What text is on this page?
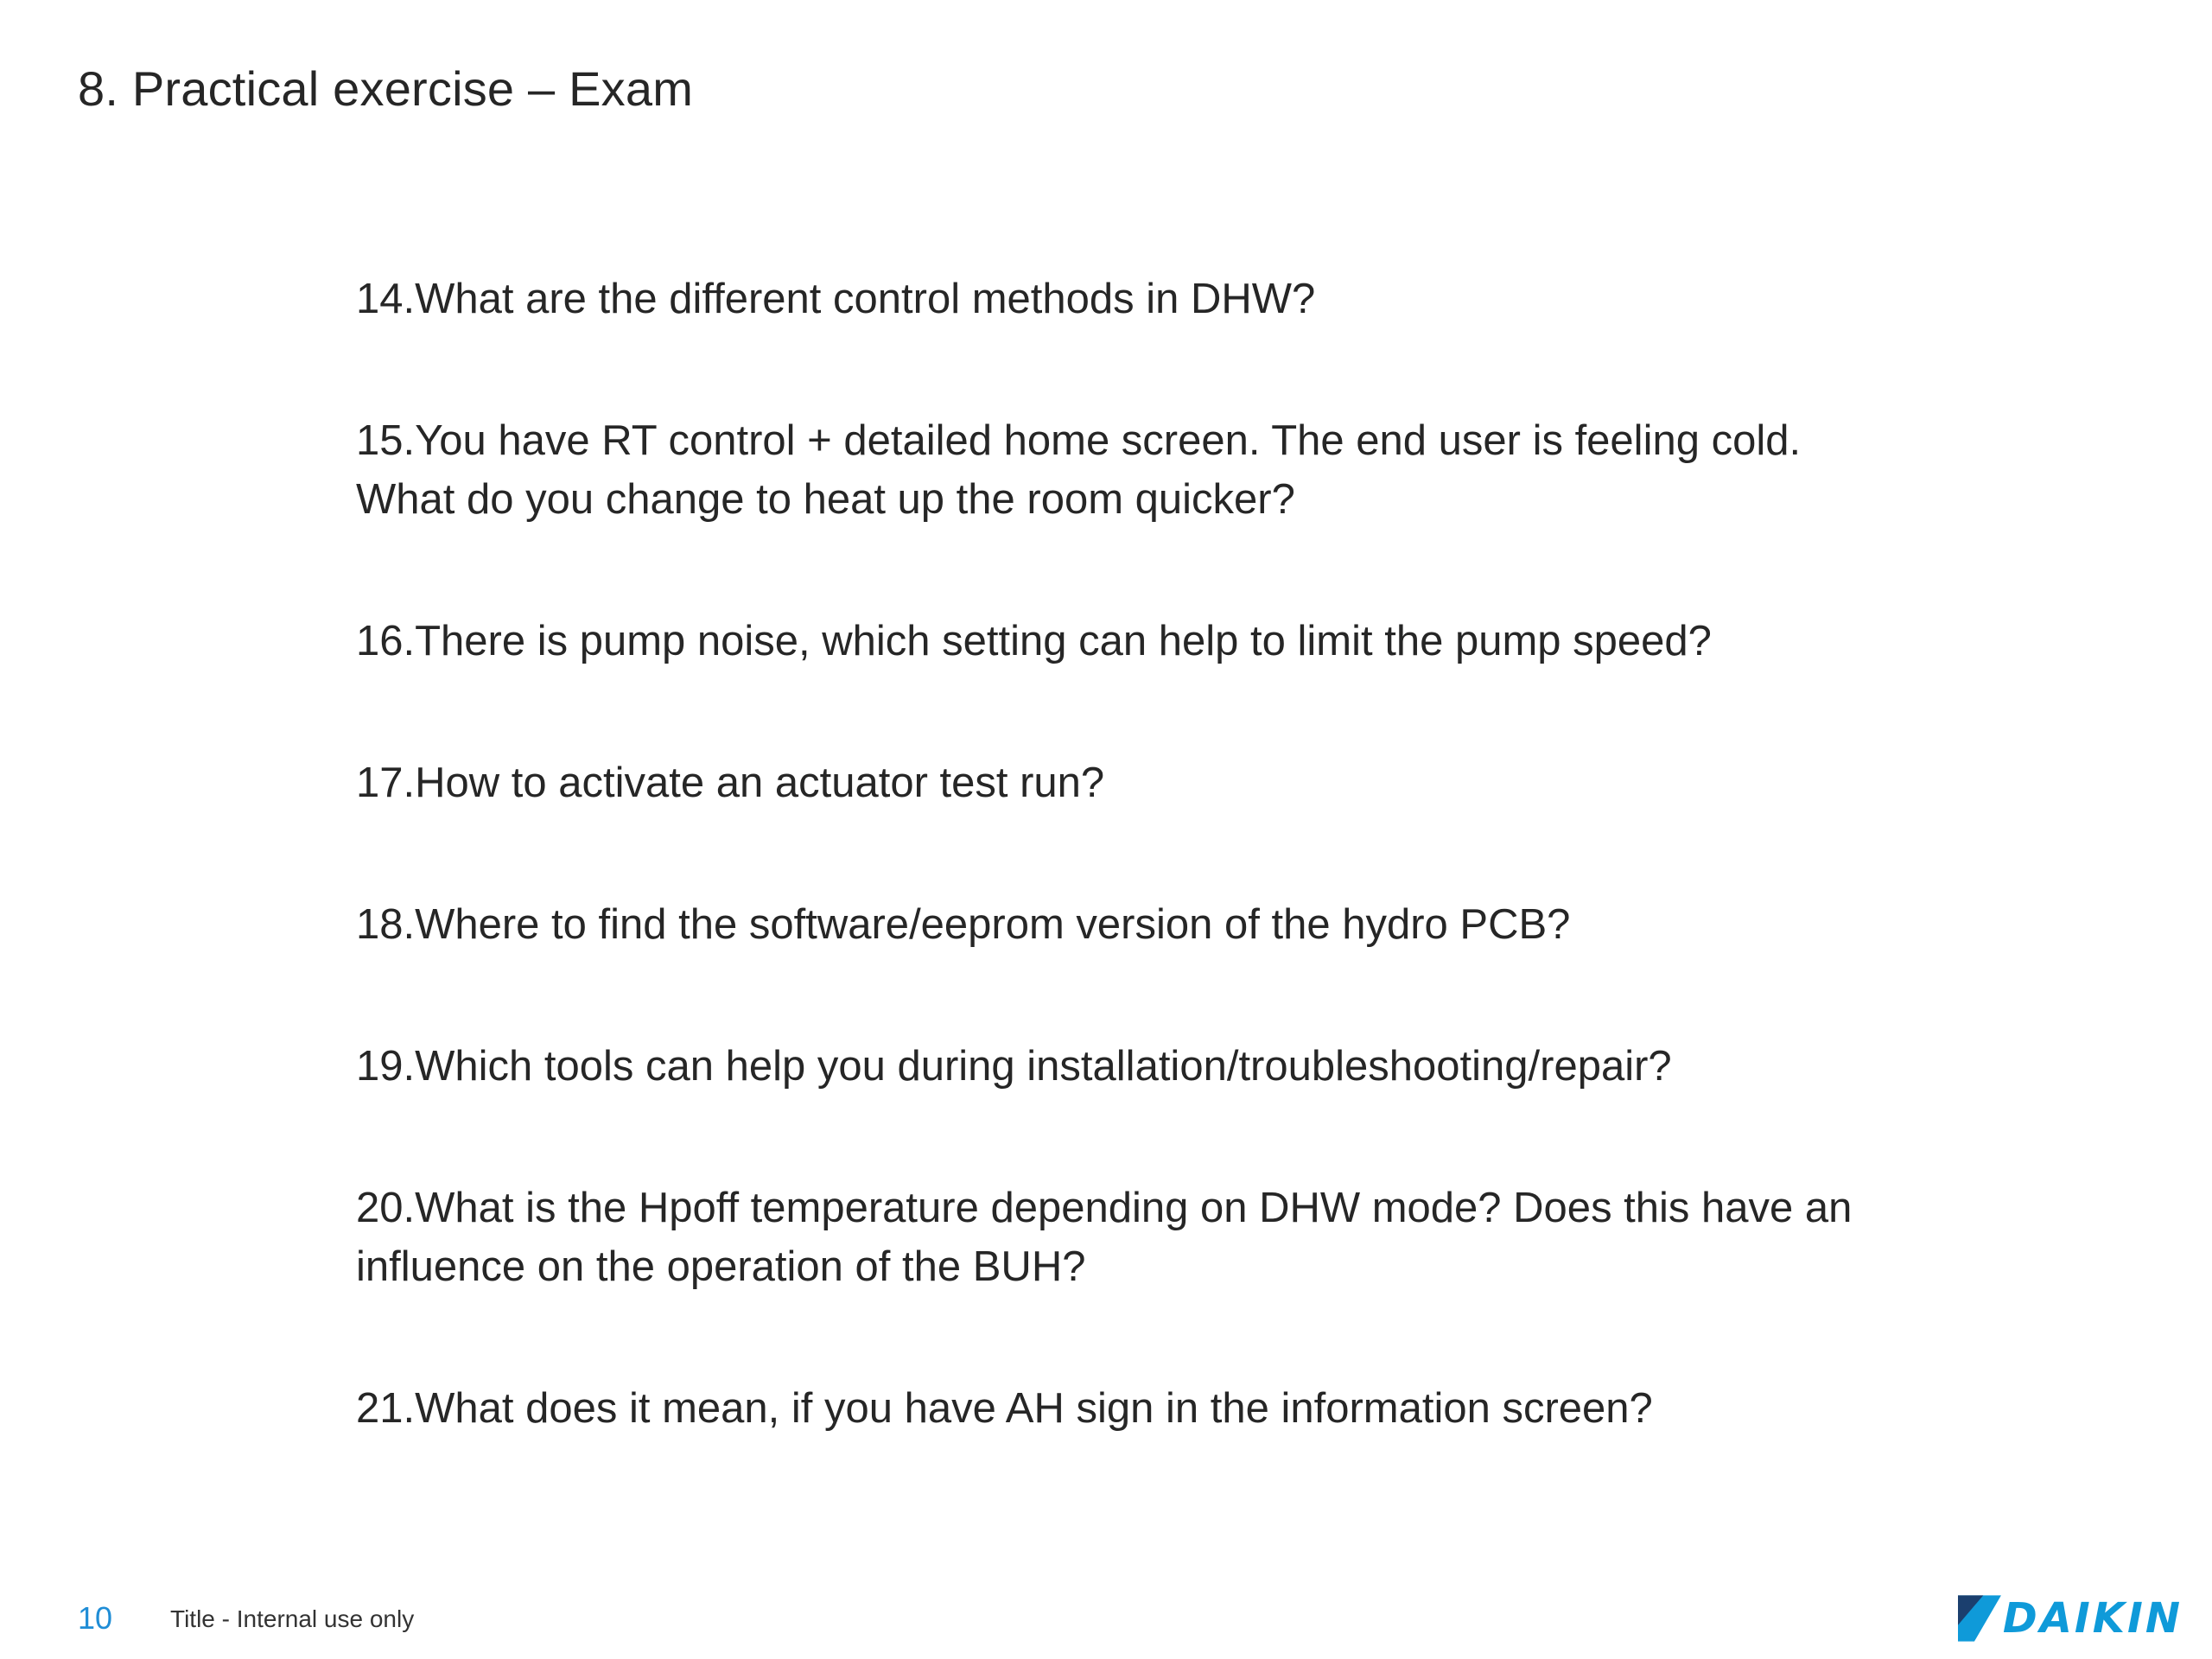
8. Practical exercise – Exam
14.What are the different control methods in DHW?
15.You have RT control + detailed home screen. The end user is feeling cold. What do you change to heat up the room quicker?
16.There is pump noise, which setting can help to limit the pump speed?
17.How to activate an actuator test run?
18.Where to find the software/eeprom version of the hydro PCB?
19.Which tools can help you during installation/troubleshooting/repair?
20.What is the Hpoff temperature depending on DHW mode? Does this have an influence on the operation of the BUH?
21.What does it mean, if you have AH sign in the information screen?
10 Title - Internal use only	DAIKIN
